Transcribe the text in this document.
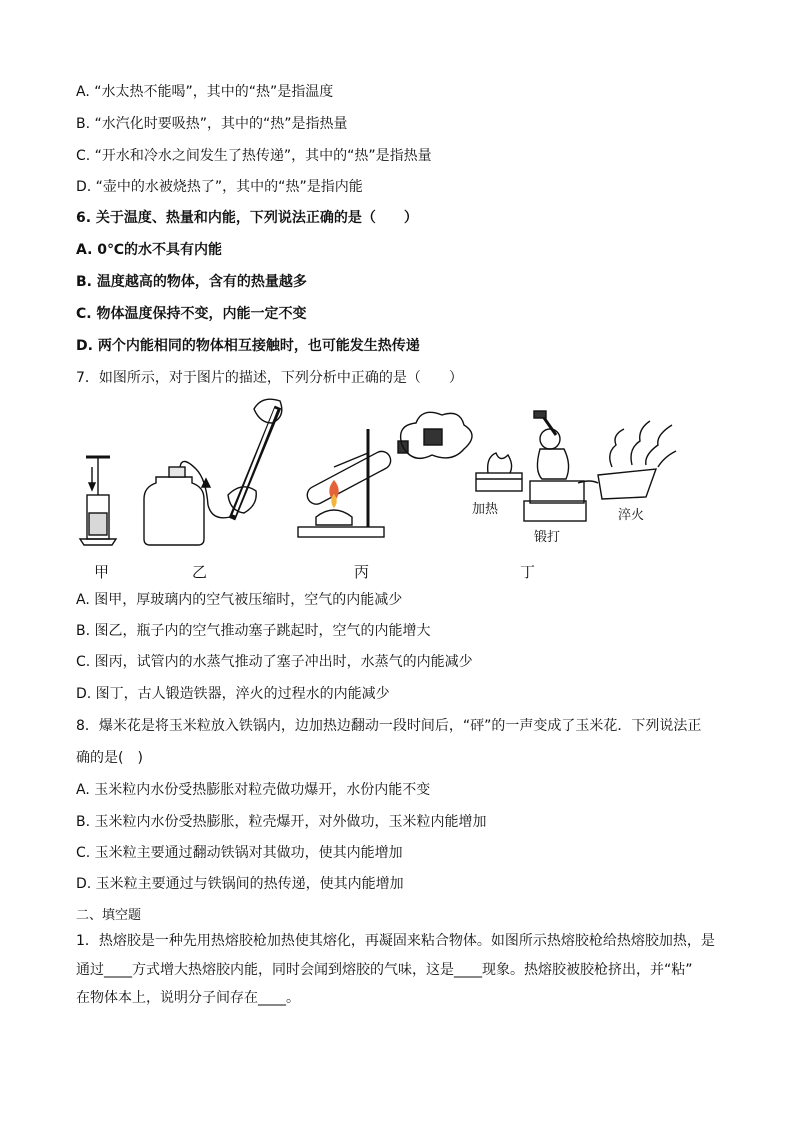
A. “水太热不能喝”，其中的“热”是指温度
B. “水汽化时要吸热”，其中的“热”是指热量
C. “开水和冷水之间发生了热传递”，其中的“热”是指热量
D. “壶中的水被烧热了”，其中的“热”是指内能
6. 关于温度、热量和内能，下列说法正确的是（　　）
A. 0℃的水不具有内能
B. 温度越高的物体，含有的热量越多
C. 物体温度保持不变，内能一定不变
D. 两个内能相同的物体相互接触时，也可能发生热传递
7．如图所示，对于图片的描述，下列分析中正确的是（　　）
加热
锻打
淬火
甲	乙	丙	丁
A. 图甲，厚玻璃内的空气被压缩时，空气的内能减少
B. 图乙，瓶子内的空气推动塞子跳起时，空气的内能增大
C. 图丙，试管内的水蒸气推动了塞子冲出时，水蒸气的内能减少
D. 图丁，古人锻造铁器，淬火的过程水的内能减少
8．爆米花是将玉米粒放入铁锅内，边加热边翻动一段时间后，“砰”的一声变成了玉米花．下列说法正
确的是(　)
A. 玉米粒内水份受热膨胀对粒壳做功爆开，水份内能不变
B. 玉米粒内水份受热膨胀，粒壳爆开，对外做功，玉米粒内能增加
C. 玉米粒主要通过翻动铁锅对其做功，使其内能增加
D. 玉米粒主要通过与铁锅间的热传递，使其内能增加
二、填空题
1．热熔胶是一种先用热熔胶枪加热使其熔化，再凝固来粘合物体。如图所示热熔胶枪给热熔胶加热，是
通过____方式增大热熔胶内能，同时会闻到熔胶的气味，这是____现象。热熔胶被胶枪挤出，并“粘”
在物体本上，说明分子间存在____。
